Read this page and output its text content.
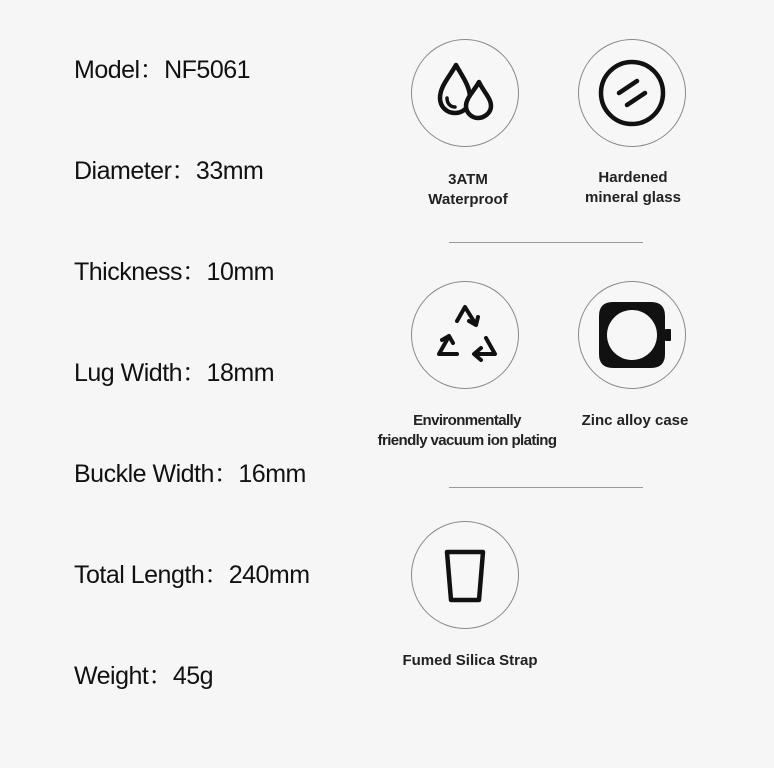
Model：NF5061
Diameter：33mm
Thickness：10mm
Lug Width：18mm
Buckle Width：16mm
Total Length：240mm
Weight：45g
3ATM
Waterproof
Hardened
mineral glass
Environmentally
friendly vacuum ion plating
Zinc alloy case
Fumed Silica Strap
